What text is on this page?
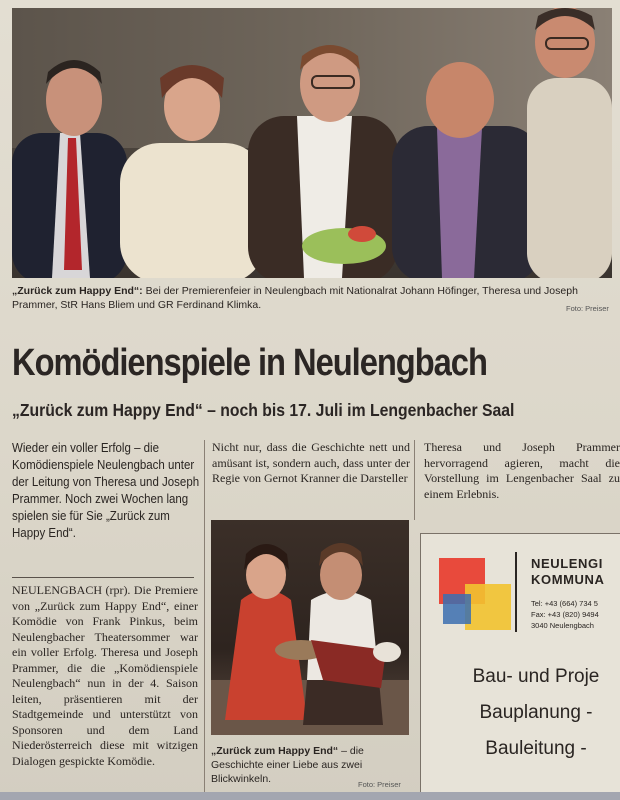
„Zurück zum Happy End“: Bei der Premierenfeier in Neulengbach mit Nationalrat Johann Höfinger, Theresa und Joseph Prammer, StR Hans Bliem und GR Ferdinand Klimka.	Foto: Preiser
Komödienspiele in Neulengbach
„Zurück zum Happy End“ – noch bis 17. Juli im Lengenbacher Saal
Wieder ein voller Erfolg – die Komödienspiele Neulengbach unter der Leitung von Theresa und Joseph Prammer. Noch zwei Wochen lang spielen sie für Sie „Zurück zum Happy End“.
NEULENGBACH (rpr). Die Premiere von „Zurück zum Happy End“, einer Komödie von Frank Pinkus, beim Neulengbacher Theatersommer war ein voller Erfolg. Theresa und Joseph Prammer, die die „Komödienspiele Neulengbach“ nun in der 4. Saison leiten, präsentieren mit der Stadtgemeinde und unterstützt von Sponsoren und dem Land Niederösterreich diese mit witzigen Dialogen gespickte Komödie.
Nicht nur, dass die Geschichte nett und amüsant ist, sondern auch, dass unter der Regie von Gernot Kranner die Darsteller
Theresa und Joseph Prammer hervorragend agieren, macht die Vorstellung im Lengenbacher Saal zu einem Erlebnis.
„Zurück zum Happy End“ – die Geschichte einer Liebe aus zwei Blickwinkeln.	Foto: Preiser
NEULENGI
KOMMUNA
Tel: +43 (664) 734 5
Fax: +43 (820) 9494
3040 Neulengbach
Bau- und Proje
Bauplanung -
Bauleitung -
